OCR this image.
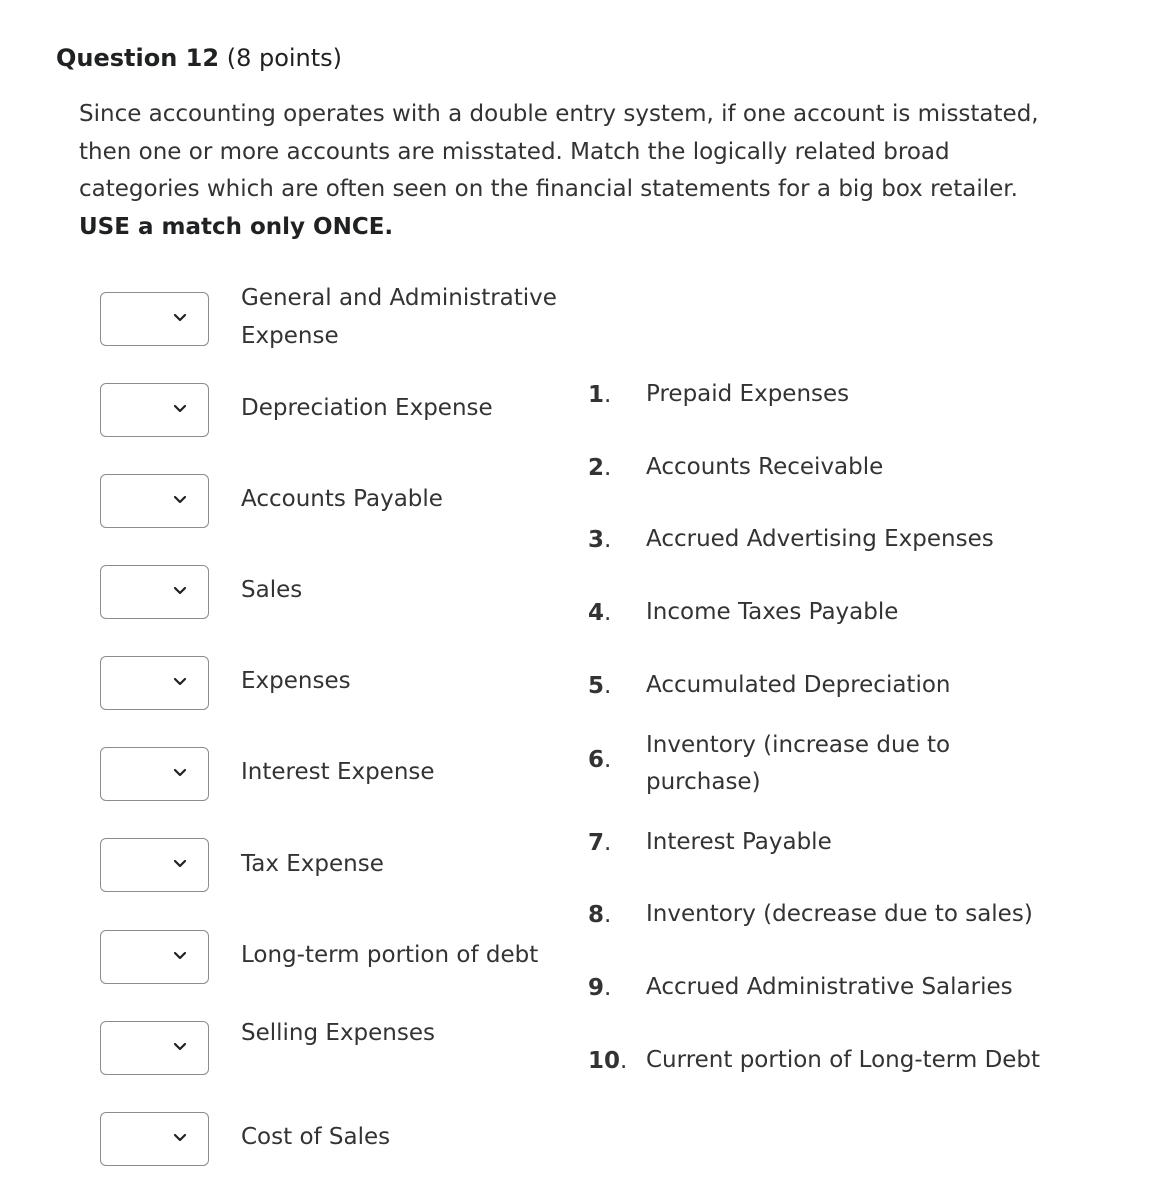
Question 12 (8 points)

Since accounting operates with a double entry system, if one account is misstated, then one or more accounts are misstated. Match the logically related broad categories which are often seen on the financial statements for a big box retailer.

USE a match only ONCE.

General and Administrative Expense
Depreciation Expense
Accounts Payable
Sales
Expenses
Interest Expense
Tax Expense
Long-term portion of debt
Selling Expenses
Cost of Sales
1. Prepaid Expenses
2. Accounts Receivable
3. Accrued Advertising Expenses
4. Income Taxes Payable
5. Accumulated Depreciation
6.
Inventory (increase due to purchase)
7. Interest Payable
8. Inventory (decrease due to sales)
9. Accrued Administrative Salaries
10. Current portion of Long-term Debt
